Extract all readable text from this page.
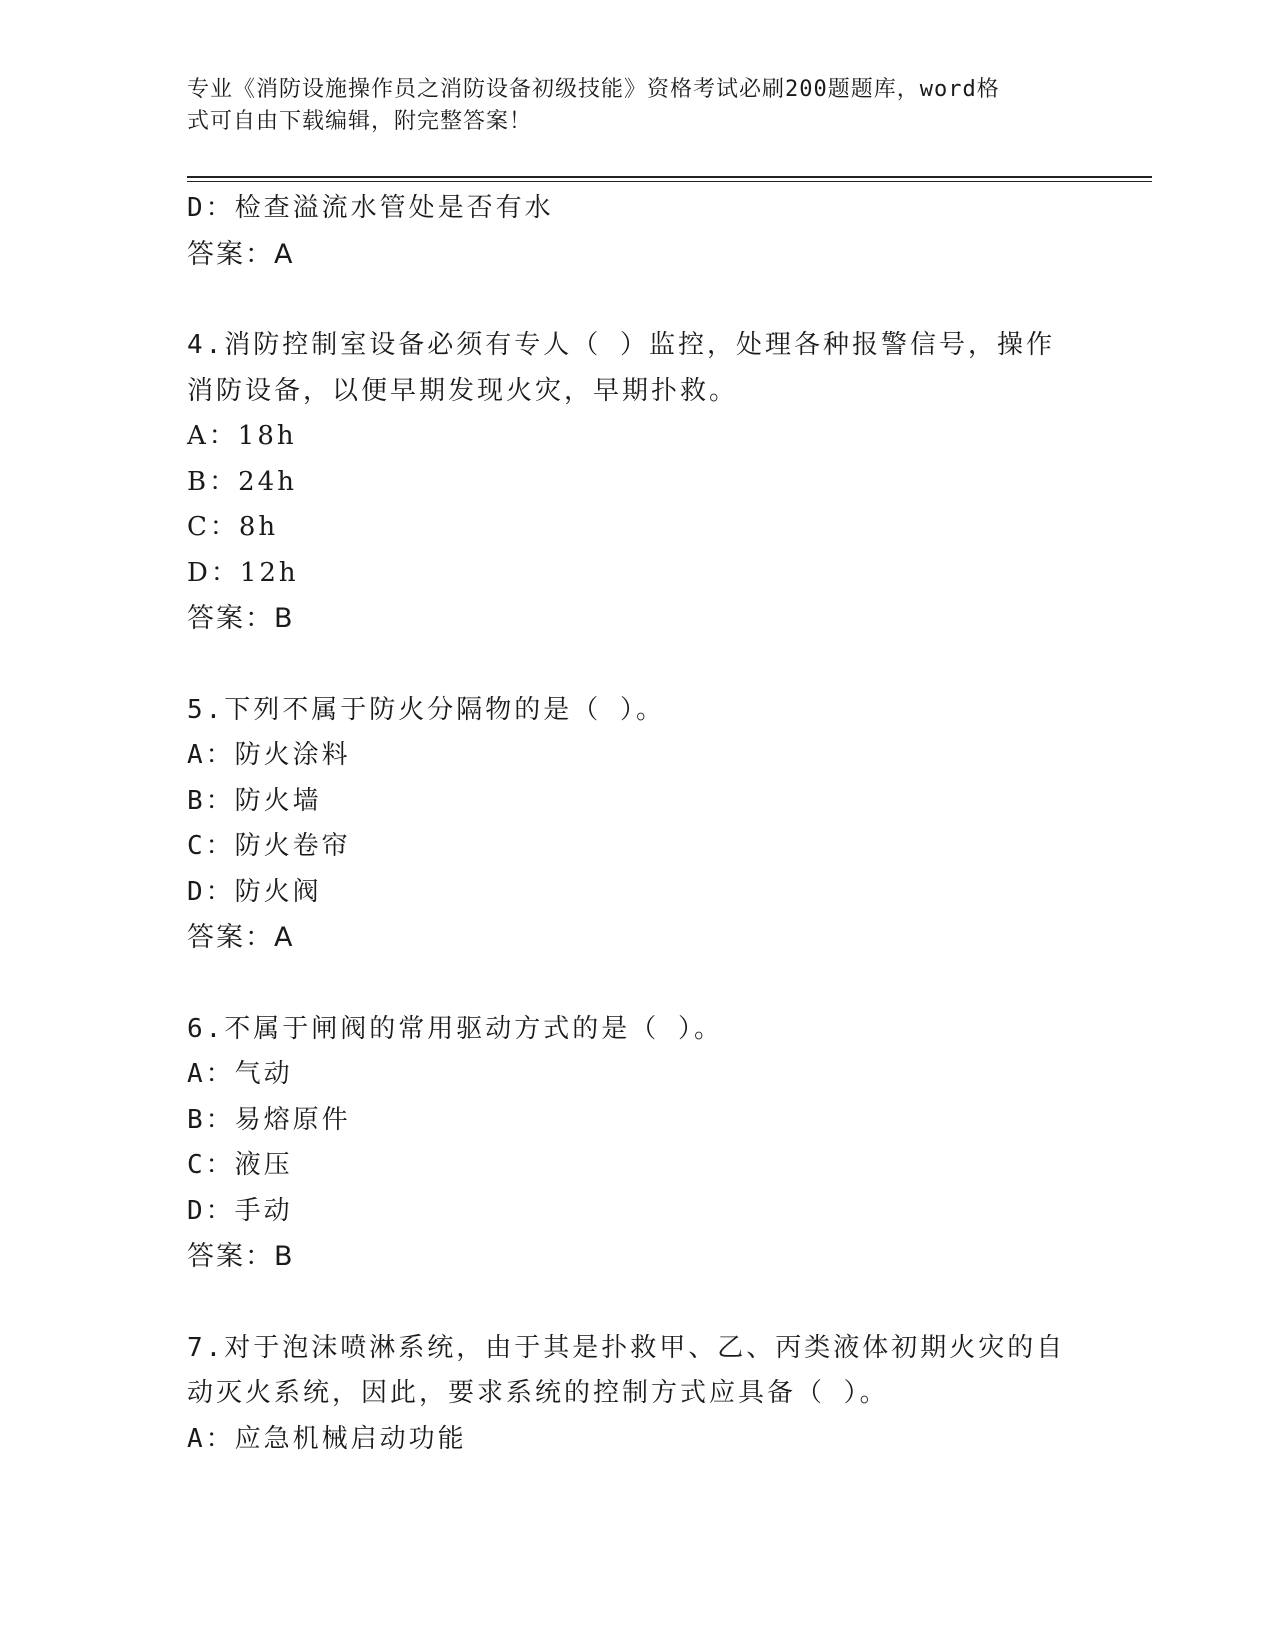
专业《消防设施操作员之消防设备初级技能》资格考试必刷200题题库，word格
式可自由下载编辑，附完整答案！
D：检查溢流水管处是否有水
答案：A
4.消防控制室设备必须有专人（ ）监控，处理各种报警信号，操作
消防设备，以便早期发现火灾，早期扑救。
A：18h
B：24h
C：8h
D：12h
答案：B
5.下列不属于防火分隔物的是（ ）。
A：防火涂料
B：防火墙
C：防火卷帘
D：防火阀
答案：A
6.不属于闸阀的常用驱动方式的是（ ）。
A：气动
B：易熔原件
C：液压
D：手动
答案：B
7.对于泡沫喷淋系统，由于其是扑救甲、乙、丙类液体初期火灾的自
动灭火系统，因此，要求系统的控制方式应具备（ ）。
A：应急机械启动功能
